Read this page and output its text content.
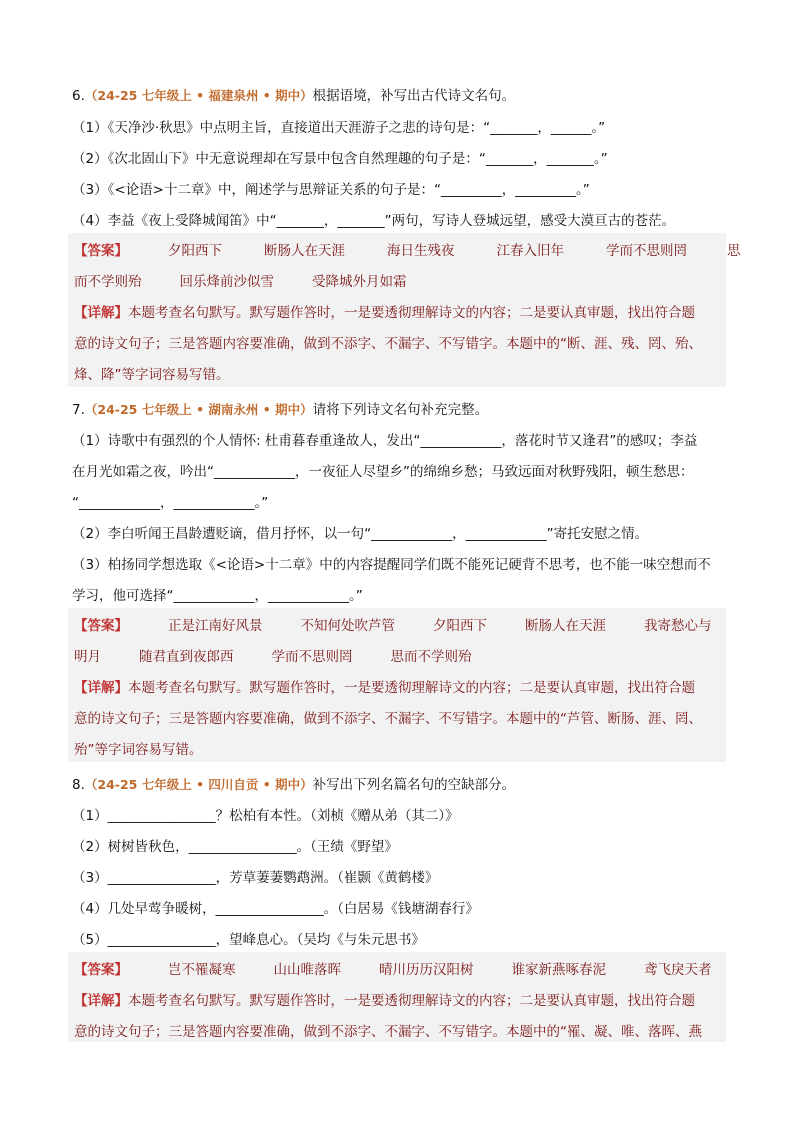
6.（24-25 七年级上 • 福建泉州 • 期中）根据语境，补写出古代诗文名句。
（1）《天净沙·秋思》中点明主旨，直接道出天涯游子之悲的诗句是：“_______，______。”
（2）《次北固山下》中无意说理却在写景中包含自然理趣的句子是：“_______，_______。”
（3）《<论语>十二章》中，阐述学与思辩证关系的句子是：“_________，_________。”
（4）李益《夜上受降城闻笛》中“_______，_______”两句，写诗人登城远望，感受大漠亘古的苍茫。
【答案】	夕阳西下	断肠人在天涯	海日生残夜	江春入旧年	学而不思则罔	思
而不学则殆	回乐烽前沙似雪	受降城外月如霜
【详解】本题考查名句默写。默写题作答时，一是要透彻理解诗文的内容；二是要认真审题，找出符合题
意的诗文句子；三是答题内容要准确，做到不添字、不漏字、不写错字。本题中的“断、涯、残、罔、殆、
烽、降”等字词容易写错。
7.（24-25 七年级上 • 湖南永州 • 期中）请将下列诗文名句补充完整。
（1）诗歌中有强烈的个人情怀: 杜甫暮春重逢故人，发出“____________，落花时节又逢君”的感叹；李益
在月光如霜之夜，吟出“____________，一夜征人尽望乡”的绵绵乡愁；马致远面对秋野残阳，顿生愁思：
“____________，____________。”
（2）李白听闻王昌龄遭贬谪，借月抒怀，以一句“____________，____________”寄托安慰之情。
（3）柏扬同学想选取《<论语>十二章》中的内容提醒同学们既不能死记硬背不思考，也不能一味空想而不
学习，他可选择“____________，____________。”
【答案】	正是江南好风景	不知何处吹芦管	夕阳西下	断肠人在天涯	我寄愁心与
明月	随君直到夜郎西	学而不思则罔	思而不学则殆
【详解】本题考查名句默写。默写题作答时，一是要透彻理解诗文的内容；二是要认真审题，找出符合题
意的诗文句子；三是答题内容要准确，做到不添字、不漏字、不写错字。本题中的“芦管、断肠、涯、罔、
殆”等字词容易写错。
8.（24-25 七年级上 • 四川自贡 • 期中）补写出下列名篇名句的空缺部分。
（1）________________？松柏有本性。（刘桢《赠从弟（其二）》
（2）树树皆秋色，________________。（王绩《野望》
（3）________________，芳草萋萋鹦鹉洲。（崔颢《黄鹤楼》
（4）几处早莺争暖树，________________。（白居易《钱塘湖春行》
（5）________________，望峰息心。（吴均《与朱元思书》
【答案】	岂不罹凝寒	山山唯落晖	晴川历历汉阳树	谁家新燕啄春泥	鸢飞戾天者
【详解】本题考查名句默写。默写题作答时，一是要透彻理解诗文的内容；二是要认真审题，找出符合题
意的诗文句子；三是答题内容要准确，做到不添字、不漏字、不写错字。本题中的“罹、凝、唯、落晖、燕
